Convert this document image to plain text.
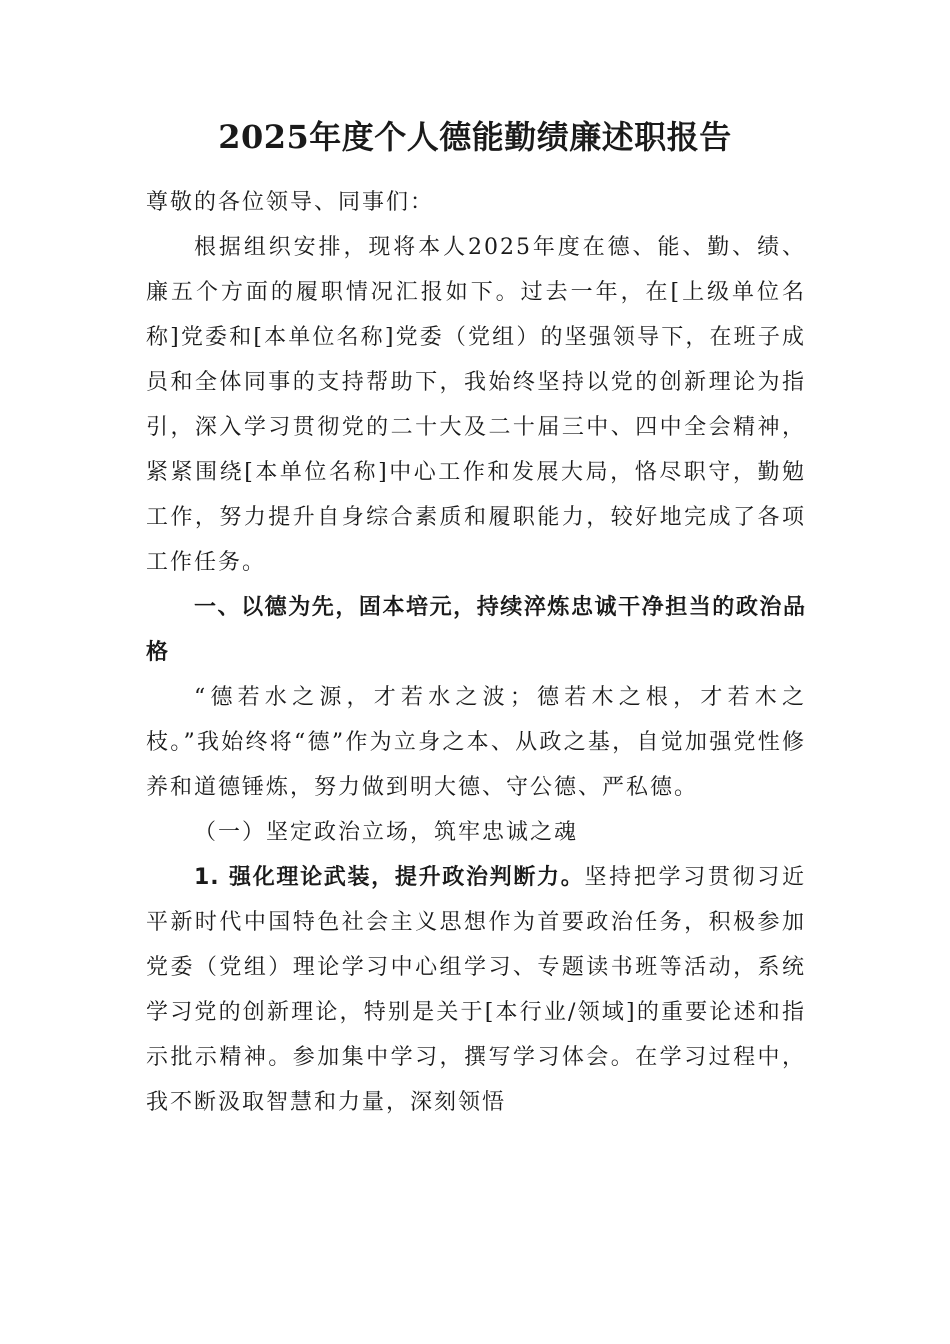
2025年度个人德能勤绩廉述职报告

尊敬的各位领导、同事们：

根据组织安排，现将本人2025年度在德、能、勤、绩、廉五个方面的履职情况汇报如下。过去一年，在[上级单位名称]党委和[本单位名称]党委（党组）的坚强领导下，在班子成员和全体同事的支持帮助下，我始终坚持以党的创新理论为指引，深入学习贯彻党的二十大及二十届三中、四中全会精神，紧紧围绕[本单位名称]中心工作和发展大局，恪尽职守，勤勉工作，努力提升自身综合素质和履职能力，较好地完成了各项工作任务。

一、以德为先，固本培元，持续淬炼忠诚干净担当的政治品格

“德若水之源，才若水之波；德若木之根，才若木之枝。”我始终将“德”作为立身之本、从政之基，自觉加强党性修养和道德锤炼，努力做到明大德、守公德、严私德。

（一）坚定政治立场，筑牢忠诚之魂

1. 强化理论武装，提升政治判断力。坚持把学习贯彻习近平新时代中国特色社会主义思想作为首要政治任务，积极参加党委（党组）理论学习中心组学习、专题读书班等活动，系统学习党的创新理论，特别是关于[本行业/领域]的重要论述和指示批示精神。参加集中学习，撰写学习体会。在学习过程中，我不断汲取智慧和力量，深刻领悟
